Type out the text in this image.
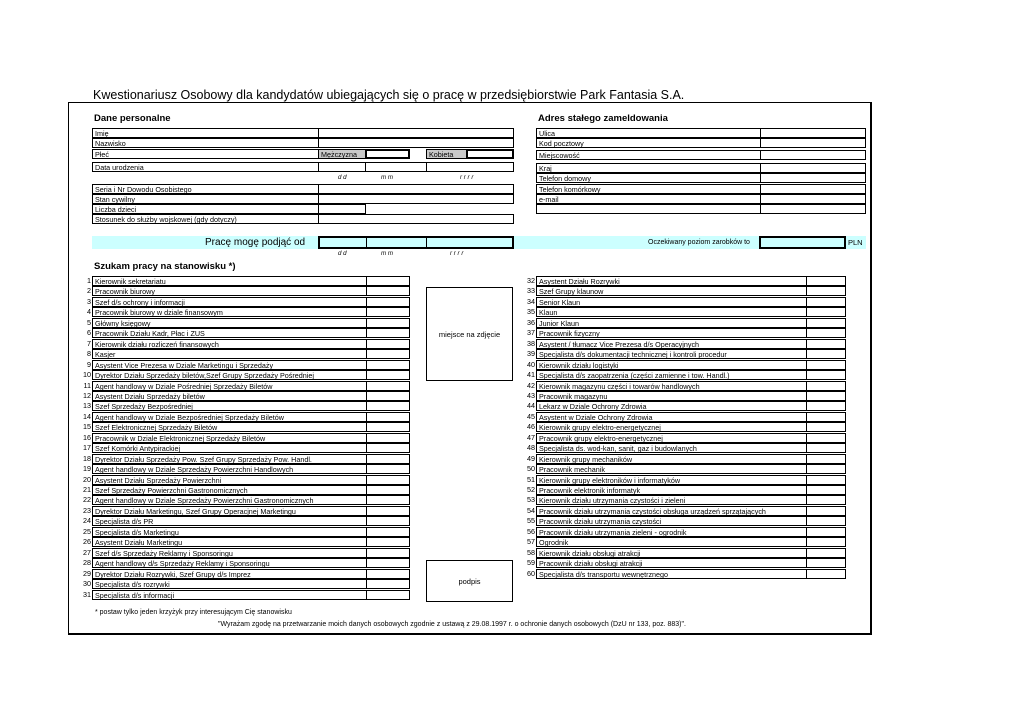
Kwestionariusz Osobowy dla kandydatów ubiegających się o pracę w przedsiębiorstwie Park Fantasia S.A.
Dane personalne
Imię
Nazwisko
Płeć	Mężczyzna	Kobieta
Data urodzenia
d d	m m	r r r r
Seria i Nr Dowodu Osobistego
Stan cywilny
Liczba dzieci
Stosunek do służby wojskowej (gdy dotyczy)
Adres stałego zameldowania
Ulica
Kod pocztowy
Miejscowość
Kraj
Telefon domowy
Telefon komórkowy
e-mail
Pracę mogę podjąć od	Oczekiwany poziom zarobków to	PLN
d d	m m	r r r r
Szukam pracy na stanowisku *)
1 Kierownik sekretariatu
2 Pracownik biurowy
3 Szef d/s ochrony i informacji
4 Pracownik biurowy w dziale finansowym
5 Główny księgowy
6 Pracownik Działu Kadr, Płac i ZUS
7 Kierownik działu rozliczeń finansowych
8 Kasjer
9 Asystent Vice Prezesa w Dziale Marketingu i Sprzedaży
10 Dyrektor Działu Sprzedaży biletów,Szef Grupy Sprzedaży Pośredniej
11 Agent handlowy w Dziale Pośredniej Sprzedaży Biletów
12 Asystent Działu Sprzedaży biletów
13 Szef Sprzedaży Bezpośredniej
14 Agent handlowy w Dziale Bezpośredniej Sprzedaży Biletów
15 Szef Elektronicznej Sprzedaży Biletów
16 Pracownik w Dziale Elektronicznej Sprzedaży Biletów
17 Szef Komórki Antypirackiej
18 Dyrektor Działu Sprzedaży Pow. Szef Grupy Sprzedaży Pow. Handl.
19 Agent handlowy w Dziale Sprzedaży Powierzchni Handlowych
20 Asystent Działu Sprzedaży Powierzchni
21 Szef Sprzedaży Powierzchni Gastronomicznych
22 Agent handlowy w Dziale Sprzedaży Powierzchni Gastronomicznych
23 Dyrektor Działu Marketingu, Szef Grupy Operacjnej Marketingu
24 Specjalista d/s PR
25 Specjalista d/s Marketingu
26 Asystent Działu Marketingu
27 Szef d/s Sprzedaży Reklamy i Sponsoringu
28 Agent handlowy d/s Sprzedaży Reklamy i Sponsoringu
29 Dyrektor Działu Rozrywki, Szef Grupy d/s Imprez
30 Specjalista d/s rozrywki
31 Specjalista d/s informacji
32 Asystent Działu Rozrywki
33 Szef Grupy klaunow
34 Senior Klaun
35 Klaun
36 Junior Klaun
37 Pracownik fizyczny
38 Asystent / tłumacz Vice Prezesa d/s Operacyjnych
39 Specjalista d/s dokumentacji technicznej i kontroli procedur
40 Kierownik działu logistyki
41 Specjalista d/s zaopatrzenia (części zamienne i tow. Handl.)
42 Kierownik magazynu części i towarów handlowych
43 Pracownik magazynu
44 Lekarz w Dziale Ochrony Zdrowia
45 Asystent w Dziale Ochrony Zdrowia
46 Kierownik grupy elektro-energetycznej
47 Pracownik grupy elektro-energetycznej
48 Specjalista ds. wod-kan, sanit, gaz i budowlanych
49 Kierownik grupy mechaników
50 Pracownik mechanik
51 Kierownik grupy elektroników i informatyków
52 Pracownik elektronik informatyk
53 Kierownik działu utrzymania czystości i zieleni
54 Pracownik działu utrzymania czystości obsługa urządzeń sprzątających
55 Pracownik działu utrzymania czystości
56 Pracownik działu utrzymania zieleni - ogrodnik
57 Ogrodnik
58 Kierownik działu obsługi atrakcji
59 Pracownik działu obsługi atrakcji
60 Specjalista d/s transportu wewnętrznego
miejsce na zdjęcie
podpis
* postaw tylko jeden krzyżyk przy interesującym Cię stanowisku
"Wyrażam zgodę na przetwarzanie moich danych osobowych zgodnie z ustawą z 29.08.1997 r. o ochronie danych osobowych (DzU nr 133, poz. 883)".
